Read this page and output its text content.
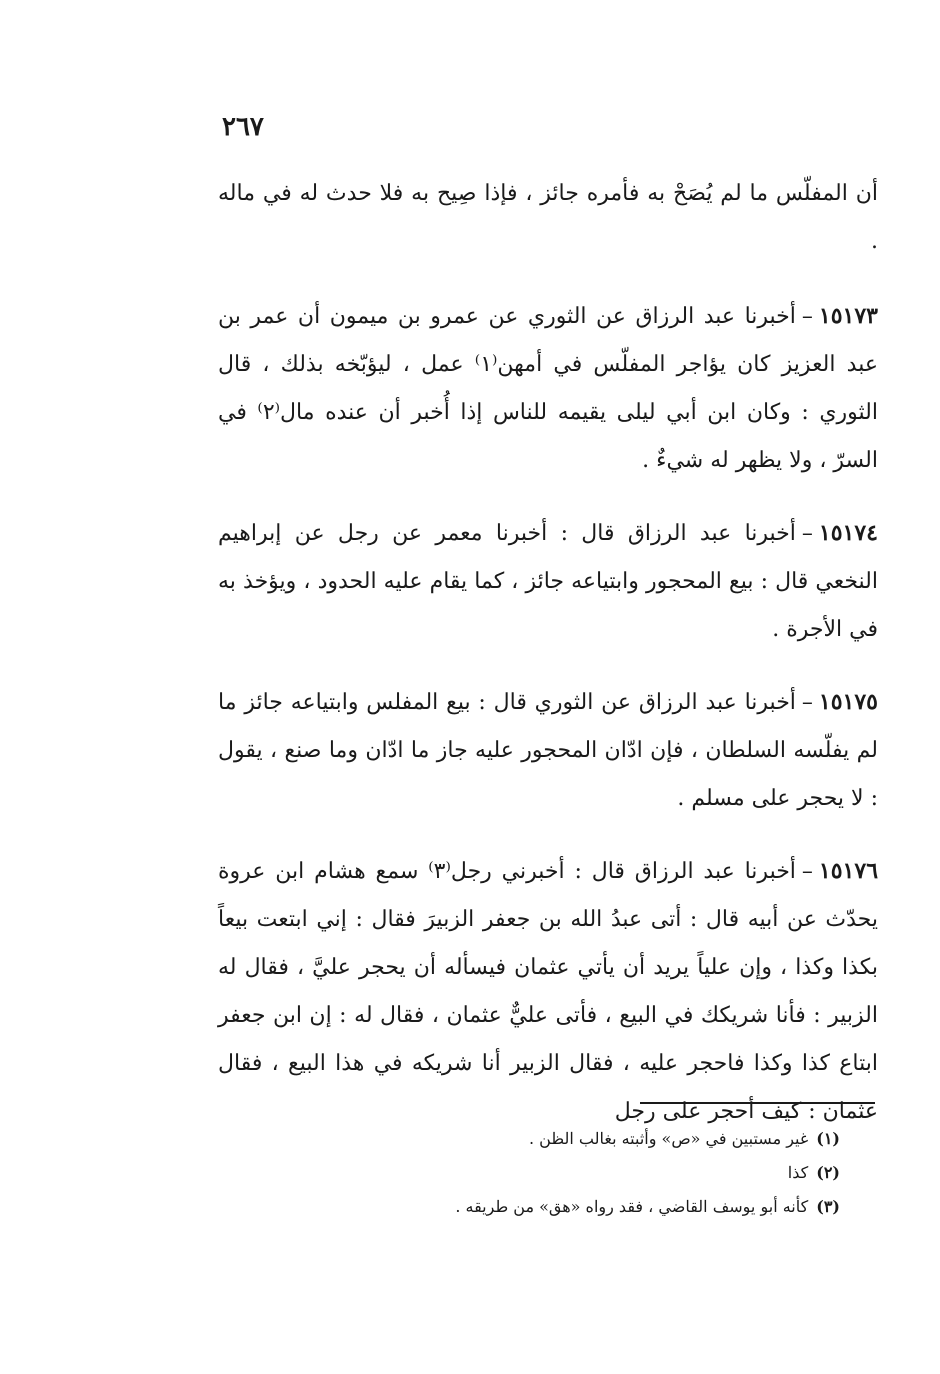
٢٦٧

أن المفلّس ما لم يُصَحْ به فأمره جائز ، فإذا صِيح به فلا حدث له في ماله .

١٥١٧٣–أخبرنا عبد الرزاق عن الثوري عن عمرو بن ميمون أن عمر بن عبد العزيز كان يؤاجر المفلّس في أمهن⁽١⁾ عمل ، ليؤبّخه بذلك ، قال الثوري : وكان ابن أبي ليلى يقيمه للناس إذا أُخبر أن عنده مال⁽٢⁾ في السرّ ، ولا يظهر له شيءٌ .

١٥١٧٤–أخبرنا عبد الرزاق قال : أخبرنا معمر عن رجل عن إبراهيم النخعي قال : بيع المحجور وابتياعه جائز ، كما يقام عليه الحدود ، ويؤخذ به في الأجرة .

١٥١٧٥–أخبرنا عبد الرزاق عن الثوري قال : بيع المفلس وابتياعه جائز ما لم يفلّسه السلطان ، فإن ادّان المحجور عليه جاز ما ادّان وما صنع ، يقول : لا يحجر على مسلم .

١٥١٧٦–أخبرنا عبد الرزاق قال : أخبرني رجل⁽٣⁾ سمع هشام ابن عروة يحدّث عن أبيه قال : أتى عبدُ الله بن جعفر الزبيرَ فقال : إني ابتعت بيعاً بكذا وكذا ، وإن علياً يريد أن يأتي عثمان فيسأله أن يحجر عليَّ ، فقال له الزبير : فأنا شريكك في البيع ، فأتى عليٌّ عثمان ، فقال له : إن ابن جعفر ابتاع كذا وكذا فاحجر عليه ، فقال الزبير أنا شريكه في هذا البيع ، فقال عثمان : كيف أحجر على رجل

(١)غير مستبين في «ص» وأثبته بغالب الظن .
(٢)كذا
(٣)كأنه أبو يوسف القاضي ، فقد رواه «هق» من طريقه .
